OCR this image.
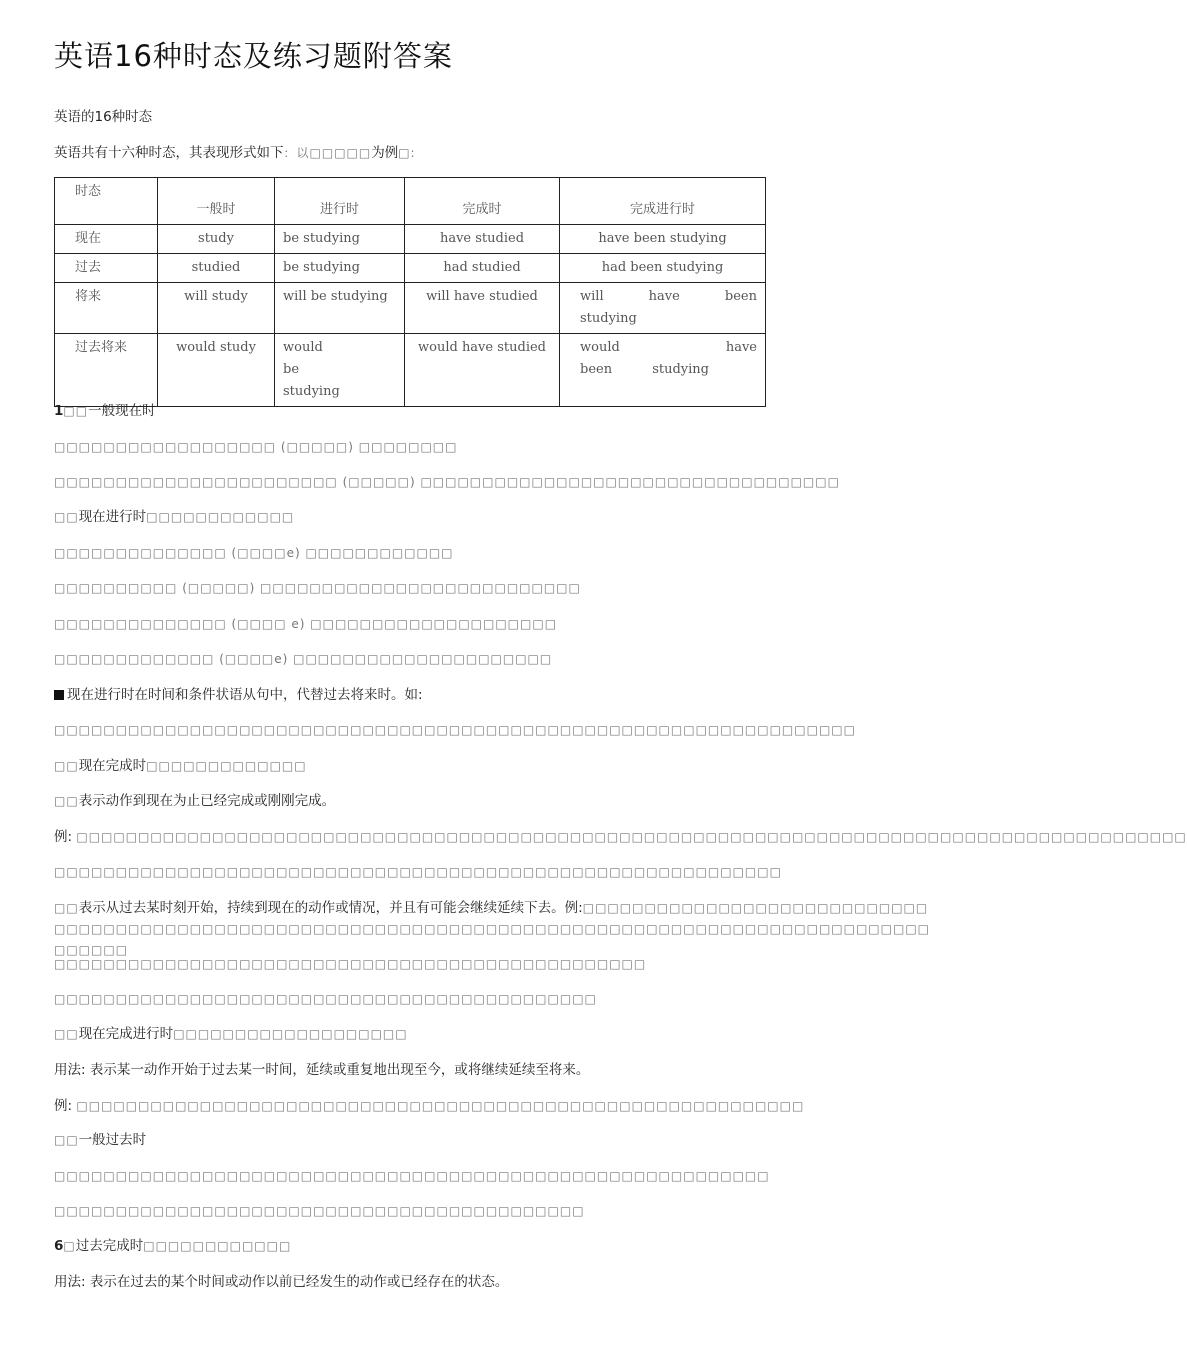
英语16种时态及练习题附答案
英语的16种时态
英语共有十六种时态，其表现形式如下：以□□□□□为例□:
时态	一般时	进行时	完成时	完成进行时
现在	study	be studying	have studied	have been studying
过去	studied	be studying	had studied	had been studying
将来	will study	will be studying	will have studied	will have been studying
过去将来	would study	would be studying	would have studied	would have been studying
1□□一般现在时
□□□□□□□□□□□□□□□□□□ (□□□□□) □□□□□□□□
□□□□□□□□□□□□□□□□□□□□□□□ (□□□□□) □□□□□□□□□□□□□□□□□□□□□□□□□□□□□□□□□□
□□现在进行时□□□□□□□□□□□□
□□□□□□□□□□□□□□ (□□□□e) □□□□□□□□□□□□
□□□□□□□□□□ (□□□□□) □□□□□□□□□□□□□□□□□□□□□□□□□□
□□□□□□□□□□□□□□ (□□□□ e) □□□□□□□□□□□□□□□□□□□□
□□□□□□□□□□□□□ (□□□□e) □□□□□□□□□□□□□□□□□□□□□
现在进行时在时间和条件状语从句中，代替过去将来时。如:
□□□□□□□□□□□□□□□□□□□□□□□□□□□□□□□□□□□□□□□□□□□□□□□□□□□□□□□□□□□□□□□□□
□□现在完成时□□□□□□□□□□□□□
□□表示动作到现在为止已经完成或刚刚完成。
例: □□□□□□□□□□□□□□□□□□□□□□□□□□□□□□□□□□□□□□□□□□□□□□□□□□□□□□□□□□□□□□□□□□□□□□□□□□□□□□□□□□□□□□□□□□
□□□□□□□□□□□□□□□□□□□□□□□□□□□□□□□□□□□□□□□□□□□□□□□□□□□□□□□□□□□
□□表示从过去某时刻开始，持续到现在的动作或情况，并且有可能会继续延续下去。例:□□□□□□□□□□□□□□□□□□□□□□□□□□□□□□□□□□□□□□□□□□□□□□□□□□□□□□□□□□□□□□□□□□□□□□□□□□□□□□□□□□□□□□□□□□□□□□□□□□□□□□□□□
□□□□□□□□□□□□□□□□□□□□□□□□□□□□□□□□□□□□□□□□□□□□□□□□
□□□□□□□□□□□□□□□□□□□□□□□□□□□□□□□□□□□□□□□□□□□□
□□现在完成进行时□□□□□□□□□□□□□□□□□□□
用法: 表示某一动作开始于过去某一时间，延续或重复地出现至今，或将继续延续至将来。
例: □□□□□□□□□□□□□□□□□□□□□□□□□□□□□□□□□□□□□□□□□□□□□□□□□□□□□□□□□□□
□□一般过去时
□□□□□□□□□□□□□□□□□□□□□□□□□□□□□□□□□□□□□□□□□□□□□□□□□□□□□□□□□□
□□□□□□□□□□□□□□□□□□□□□□□□□□□□□□□□□□□□□□□□□□□
6□过去完成时□□□□□□□□□□□□
用法: 表示在过去的某个时间或动作以前已经发生的动作或已经存在的状态。
